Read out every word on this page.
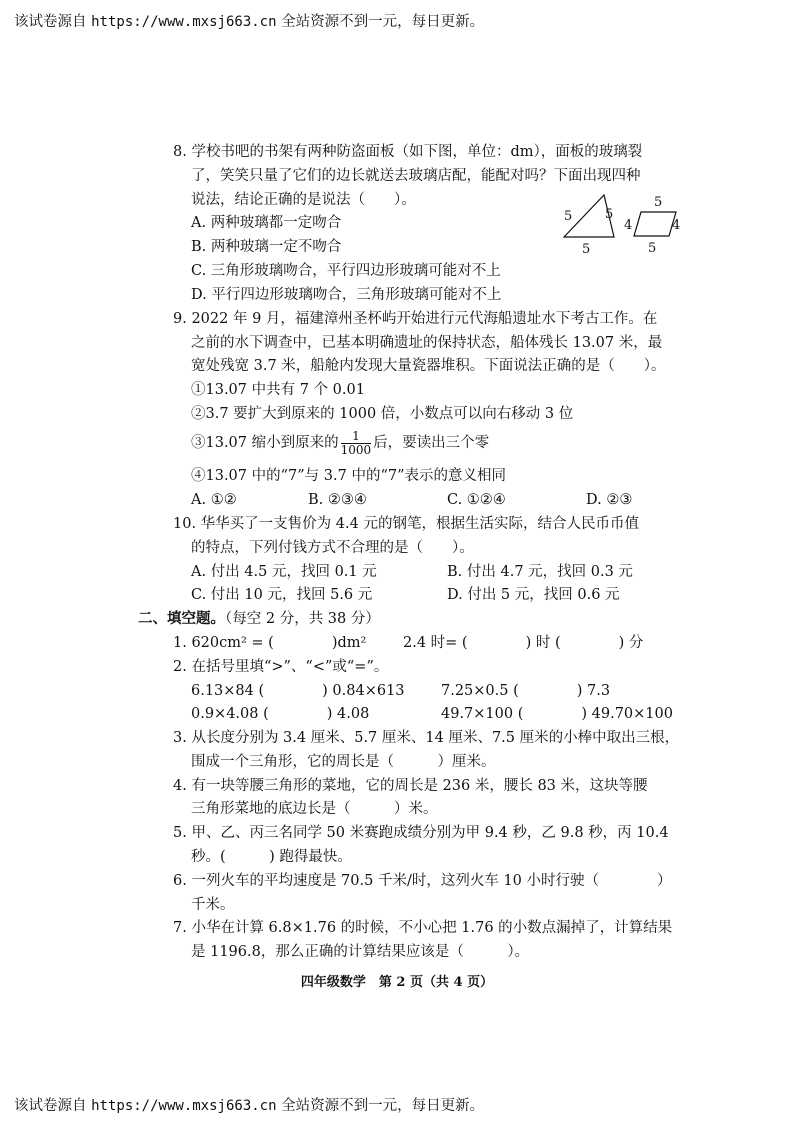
该试卷源自 https://www.mxsj663.cn 全站资源不到一元，每日更新。
8. 学校书吧的书架有两种防盗面板（如下图，单位：dm），面板的玻璃裂
了，笑笑只量了它们的边长就送去玻璃店配，能配对吗？下面出现四种
说法，结论正确的是说法（　　）。
A. 两种玻璃都一定吻合
B. 两种玻璃一定不吻合
C. 三角形玻璃吻合，平行四边形玻璃可能对不上
D. 平行四边形玻璃吻合，三角形玻璃可能对不上
5	5
5
5
4	4
5
9. 2022 年 9 月，福建漳州圣杯屿开始进行元代海船遗址水下考古工作。在
之前的水下调查中，已基本明确遗址的保持状态，船体残长 13.07 米，最
宽处残宽 3.7 米，船舱内发现大量瓷器堆积。下面说法正确的是（　　）。
①13.07 中共有 7 个 0.01
②3.7 要扩大到原来的 1000 倍，小数点可以向右移动 3 位
③13.07 缩小到原来的 $\frac{1}{1000}$ 后，要读出三个零
④13.07 中的“7”与 3.7 中的“7”表示的意义相同
A. ①②	B. ②③④	C. ①②④	D. ②③
10. 华华买了一支售价为 4.4 元的钢笔，根据生活实际，结合人民币币值
的特点，下列付钱方式不合理的是（　　）。
A. 付出 4.5 元，找回 0.1 元	B. 付出 4.7 元，找回 0.3 元
C. 付出 10 元，找回 5.6 元	D. 付出 5 元，找回 0.6 元
二、填空题。（每空 2 分，共 38 分）
1. 620cm² = (　　　　)dm²	2.4 时= (　　　　) 时 (　　　　) 分
2. 在括号里填“>”、“<”或“=”。
6.13×84 (　　　　) 0.84×613	7.25×0.5 (　　　　) 7.3
0.9×4.08 (　　　　) 4.08	49.7×100 (　　　　) 49.70×100
3. 从长度分别为 3.4 厘米、5.7 厘米、14 厘米、7.5 厘米的小棒中取出三根，
围成一个三角形，它的周长是（　　　）厘米。
4. 有一块等腰三角形的菜地，它的周长是 236 米，腰长 83 米，这块等腰
三角形菜地的底边长是（　　　）米。
5. 甲、乙、丙三名同学 50 米赛跑成绩分别为甲 9.4 秒，乙 9.8 秒，丙 10.4
秒。(　　　) 跑得最快。
6. 一列火车的平均速度是 70.5 千米/时，这列火车 10 小时行驶（　　　　）
千米。
7. 小华在计算 6.8×1.76 的时候，不小心把 1.76 的小数点漏掉了，计算结果
是 1196.8，那么正确的计算结果应该是（　　　）。
四年级数学　第 2 页（共 4 页）
该试卷源自 https://www.mxsj663.cn 全站资源不到一元，每日更新。
